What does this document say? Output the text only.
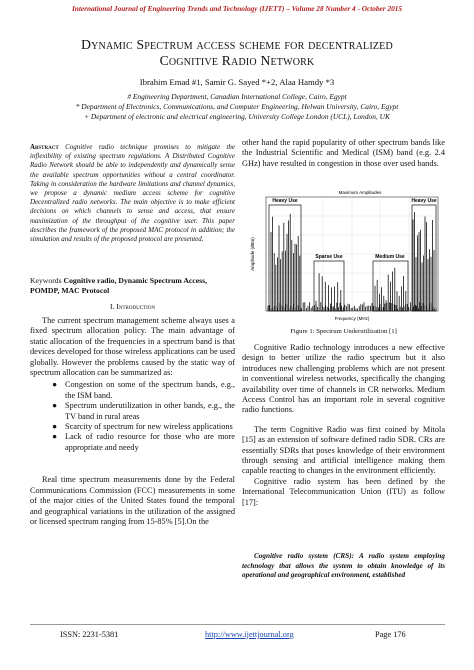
International Journal of Engineering Trends and Technology (IJETT) – Volume 28 Number 4 - October 2015
Dynamic Spectrum access scheme for decentralized
Cognitive Radio Network
Ibrahim Emad #1, Samir G. Sayed *+2, Alaa Hamdy *3
# Engineering Department, Canadian International College, Cairo, Egypt
* Department of Electronics, Communications, and Computer Engineering, Helwan University, Cairo, Egypt
+ Department of electronic and electrical engineering, University College London (UCL), London, UK
Abstract Cognitive radio technique promises to mitigate the inflexibility of existing spectrum regulations. A Distributed Cognitive Radio Network should be able to independently and dynamically sense the available spectrum opportunities without a central coordinator. Taking in consideration the hardware limitations and channel dynamics, we propose a dynamic medium access scheme for cognitive Decentralized radio networks. The main objective is to make efficient decisions on which channels to sense and access, that ensure maximization of the throughput of the cognitive user. This paper describes the framework of the proposed MAC protocol in addition; the simulation and results of the proposed protocol are presented.
Keywords Cognitive radio, Dynamic Spectrum Access, POMDP, MAC Protocol
I. Introduction

The current spectrum management scheme always uses a fixed spectrum allocation policy. The main advantage of static allocation of the frequencies in a spectrum band is that devices developed for those wireless applications can be used globally. However the problems caused by the static way of spectrum allocation can be summarized as:

● Congestion on some of the spectrum bands, e.g., the ISM band.
● Spectrum underutilization in other bands, e.g., the TV band in rural areas
● Scarcity of spectrum for new wireless applications
● Lack of radio resource for those who are more appropriate and needy

Real time spectrum measurements done by the Federal Communications Commission (FCC) measurements in some of the major cities of the United States found the temporal and geographical variations in the utilization of the assigned or licensed spectrum ranging from 15-85% [5].On the

other hand the rapid popularity of other spectrum bands like the Industrial Scientific and Medical (ISM) band (e.g. 2.4 GHz) have resulted in congestion in those over used bands.

Maximum Amplitudes
Heavy Use	Heavy Use
Sparse Use	Medium Use
Amplitude (dBm)
Frequency (MHz)
Figure 1: Spectrum Underutilization [1]

Cognitive Radio technology introduces a new effective design to better utilize the radio spectrum but it also introduces new challenging problems which are not present in conventional wireless networks, specifically the changing availability over time of channels in CR networks. Medium Access Control has an important role in several cognitive radio functions.

The term Cognitive Radio was first coined by Mitola [15] as an extension of software defined radio SDR. CRs are essentially SDRs that poses knowledge of their environment through sensing and artificial intelligence making them capable reacting to changes in the environment efficiently.

Cognitive radio system has been defined by the International Telecommunication Union (ITU) as follow [17]:

Cognitive radio system (CRS): A radio system employing technology that allows the system to obtain knowledge of its operational and geographical environment, established
ISSN: 2231-5381	http://www.ijettjournal.org	Page 176
